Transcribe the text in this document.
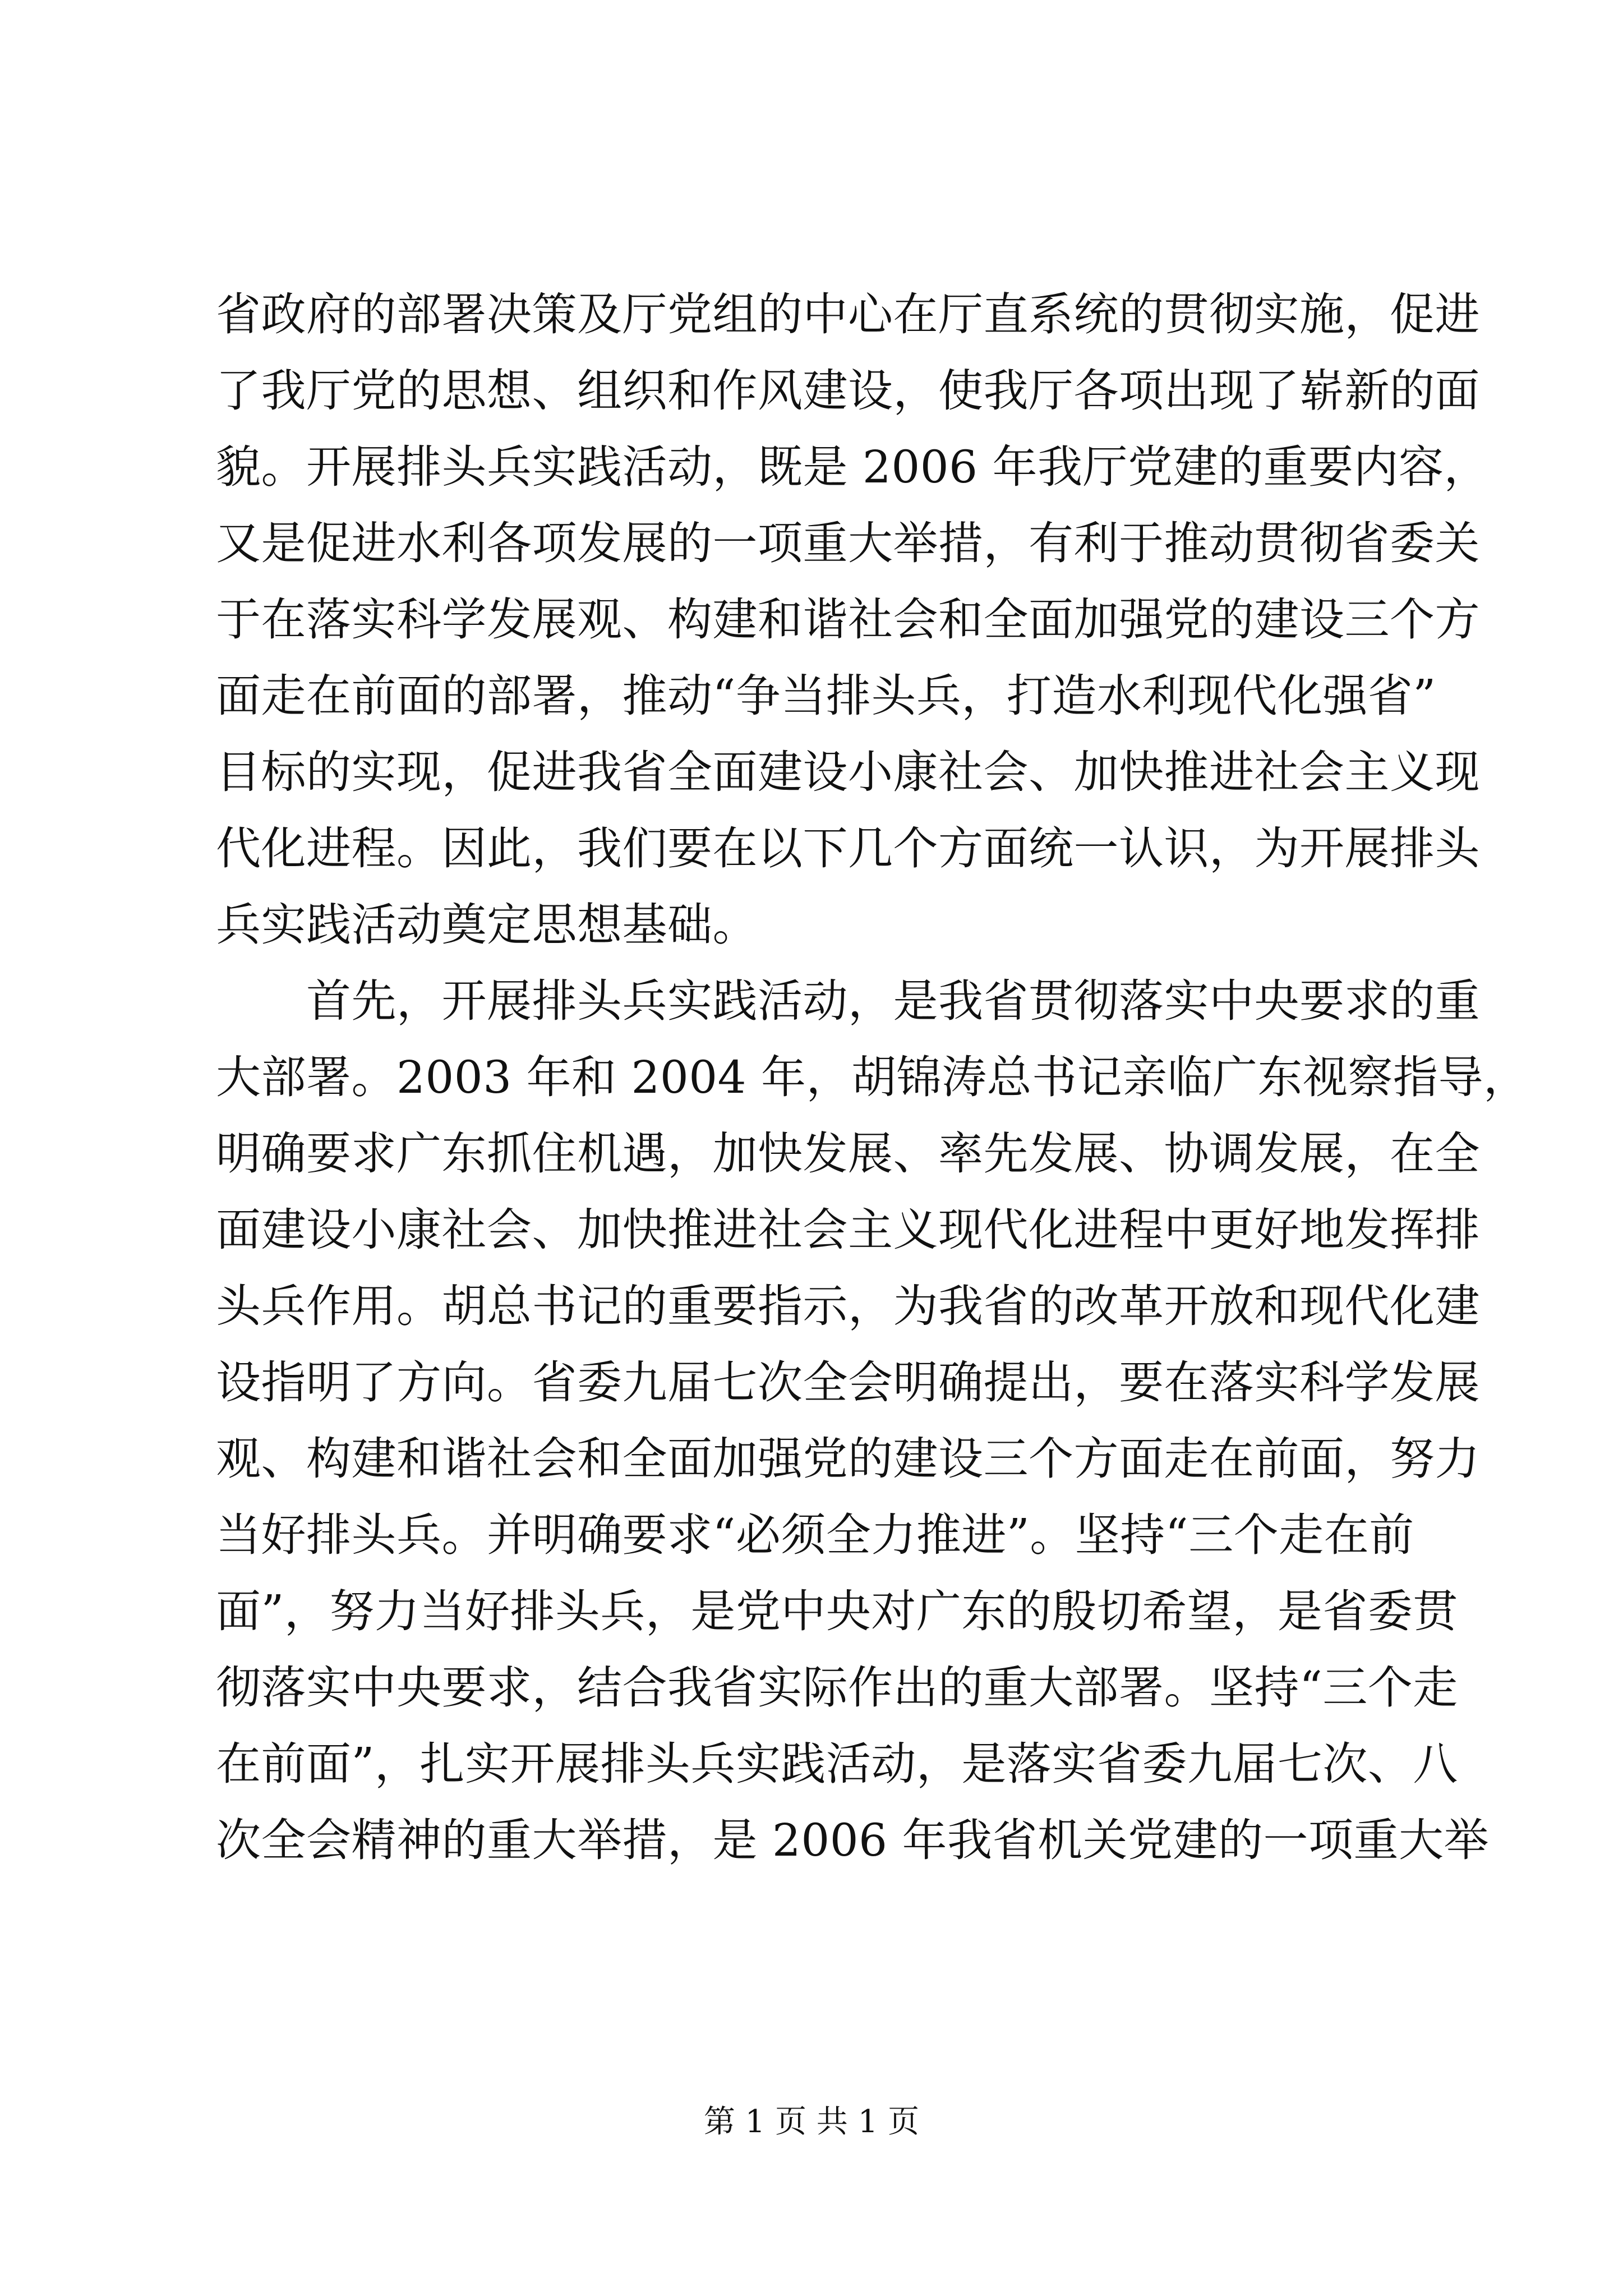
省政府的部署决策及厅党组的中心在厅直系统的贯彻实施，促进
了我厅党的思想、组织和作风建设，使我厅各项出现了崭新的面
貌。开展排头兵实践活动，既是 2006 年我厅党建的重要内容，
又是促进水利各项发展的一项重大举措，有利于推动贯彻省委关
于在落实科学发展观、构建和谐社会和全面加强党的建设三个方
面走在前面的部署，推动“争当排头兵，打造水利现代化强省”
目标的实现，促进我省全面建设小康社会、加快推进社会主义现
代化进程。因此，我们要在以下几个方面统一认识，为开展排头
兵实践活动奠定思想基础。
　　首先，开展排头兵实践活动，是我省贯彻落实中央要求的重
大部署。2003 年和 2004 年，胡锦涛总书记亲临广东视察指导，
明确要求广东抓住机遇，加快发展、率先发展、协调发展，在全
面建设小康社会、加快推进社会主义现代化进程中更好地发挥排
头兵作用。胡总书记的重要指示，为我省的改革开放和现代化建
设指明了方向。省委九届七次全会明确提出，要在落实科学发展
观、构建和谐社会和全面加强党的建设三个方面走在前面，努力
当好排头兵。并明确要求“必须全力推进”。坚持“三个走在前
面”，努力当好排头兵，是党中央对广东的殷切希望，是省委贯
彻落实中央要求，结合我省实际作出的重大部署。坚持“三个走
在前面”，扎实开展排头兵实践活动，是落实省委九届七次、八
次全会精神的重大举措，是 2006 年我省机关党建的一项重大举
第 1 页 共 1 页
